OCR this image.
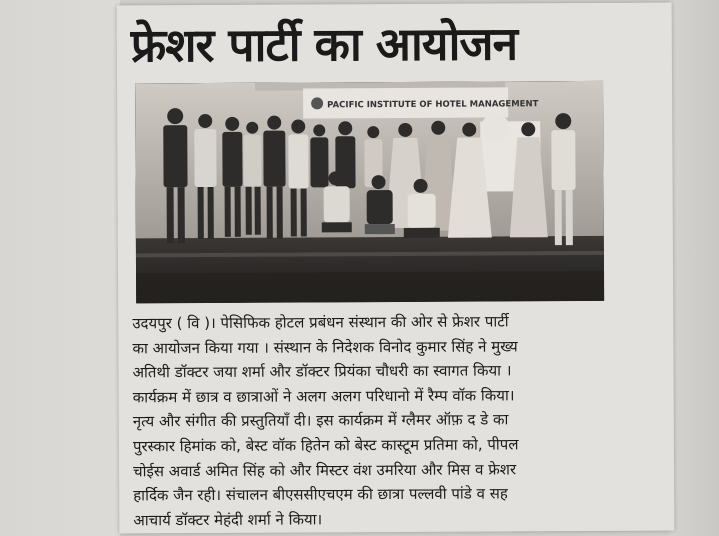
फ्रेशर पार्टी का आयोजन
PACIFIC INSTITUTE OF HOTEL MANAGEMENT

उदयपुर ( वि )। पेसिफिक होटल प्रबंधन संस्थान की ओर से फ्रेशर पार्टी
का आयोजन किया गया । संस्थान के निदेशक विनोद कुमार सिंह ने मुख्य
अतिथी डॉक्टर जया शर्मा और डॉक्टर प्रियंका चौधरी का स्वागत किया ।
कार्यक्रम में छात्र व छात्राओं ने अलग अलग परिधानो में रैम्प वॉक किया।
नृत्य और संगीत की प्रस्तुतियाँ दी। इस कार्यक्रम में ग्लैमर ऑफ़ द डे का
पुरस्कार हिमांक को, बेस्ट वॉक हितेन को बेस्ट कास्टूम प्रतिमा को, पीपल
चोईस अवार्ड अमित सिंह को और मिस्टर वंश उमरिया और मिस व फ्रेशर
हार्दिक जैन रही। संचालन बीएससीएचएम की छात्रा पल्लवी पांडे व सह
आचार्य डॉक्टर मेहंदी शर्मा ने किया।
